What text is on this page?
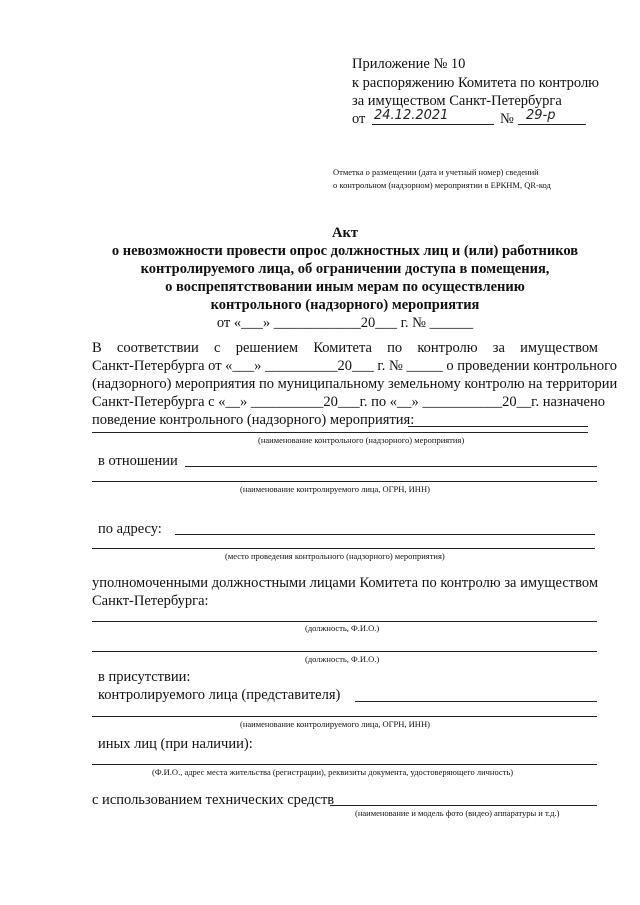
Приложение № 10
к распоряжению Комитета по контролю
за имуществом Санкт-Петербурга
от 24.12.2021	№ 29-р
Отметка о размещении (дата и учетный номер) сведений
о контрольном (надзорном) мероприятии в ЕРКНМ, QR-код
Акт
о невозможности провести опрос должностных лиц и (или) работников
контролируемого лица, об ограничении доступа в помещения,
о воспрепятствовании иным мерам по осуществлению
контрольного (надзорного) мероприятия
от «___» ____________20___ г. № ______
В соответствии с решением Комитета по контролю за имуществом
Санкт-Петербурга от «___» __________20___ г. № _____ о проведении контрольного
(надзорного) мероприятия по муниципальному земельному контролю на территории
Санкт-Петербурга с «__» __________20___г. по «__» ___________20__г. назначено
поведение контрольного (надзорного) мероприятия:
(наименование контрольного (надзорного) мероприятия)
в отношении
(наименование контролируемого лица, ОГРН, ИНН)
по адресу:
(место проведения контрольного (надзорного) мероприятия)
уполномоченными должностными лицами Комитета по контролю за имуществом
Санкт-Петербурга:
(должность, Ф.И.О.)
(должность, Ф.И.О.)
в присутствии:
контролируемого лица (представителя)
(наименование контролируемого лица, ОГРН, ИНН)
иных лиц (при наличии):
(Ф.И.О., адрес места жительства (регистрации), реквизиты документа, удостоверяющего личность)
с использованием технических средств
(наименование и модель фото (видео) аппаратуры и т.д.)
